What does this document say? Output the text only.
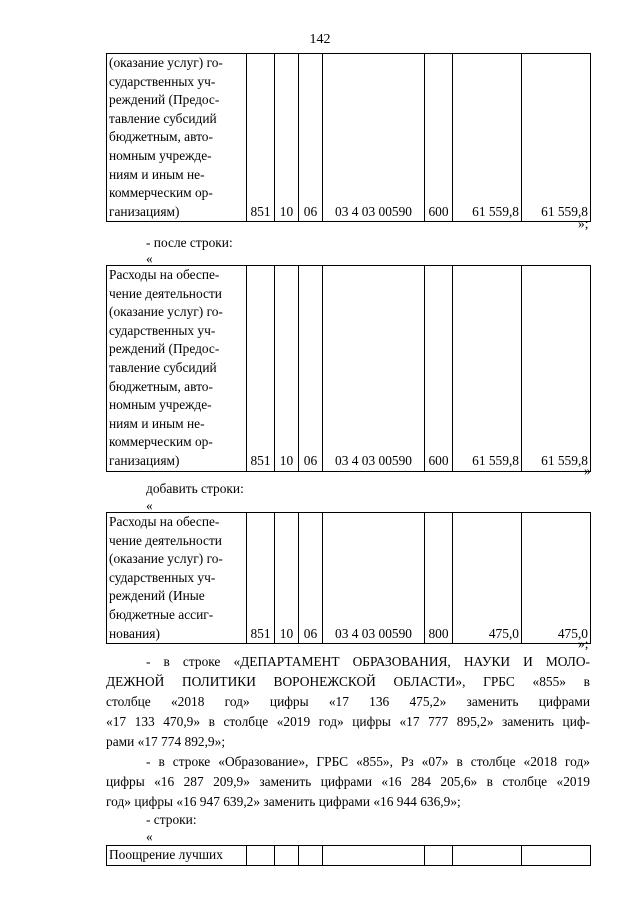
142
(оказание услуг) го-
сударственных уч-
реждений (Предос-
тавление субсидий
бюджетным, авто-
номным учрежде-
ниям и иным не-
коммерческим ор-
ганизациям)	851	10	06	03 4 03 00590	600	61 559,8	61 559,8
»;
- после строки:
«
Расходы на обеспе-
чение деятельности
(оказание услуг) го-
сударственных уч-
реждений (Предос-
тавление субсидий
бюджетным, авто-
номным учрежде-
ниям и иным не-
коммерческим ор-
ганизациям)	851	10	06	03 4 03 00590	600	61 559,8	61 559,8
»
добавить строки:
«
Расходы на обеспе-
чение деятельности
(оказание услуг) го-
сударственных уч-
реждений (Иные
бюджетные ассиг-
нования)	851	10	06	03 4 03 00590	800	475,0	475,0
»;
- в строке «ДЕПАРТАМЕНТ ОБРАЗОВАНИЯ, НАУКИ И МОЛО-
ДЕЖНОЙ ПОЛИТИКИ ВОРОНЕЖСКОЙ ОБЛАСТИ», ГРБС «855» в
столбце «2018 год» цифры «17 136 475,2» заменить цифрами
«17 133 470,9» в столбце «2019 год» цифры «17 777 895,2» заменить циф-
рами «17 774 892,9»;
- в строке «Образование», ГРБС «855», Рз «07» в столбце «2018 год»
цифры «16 287 209,9» заменить цифрами «16 284 205,6» в столбце «2019
год» цифры «16 947 639,2» заменить цифрами «16 944 636,9»;
- строки:
«
Поощрение лучших							
